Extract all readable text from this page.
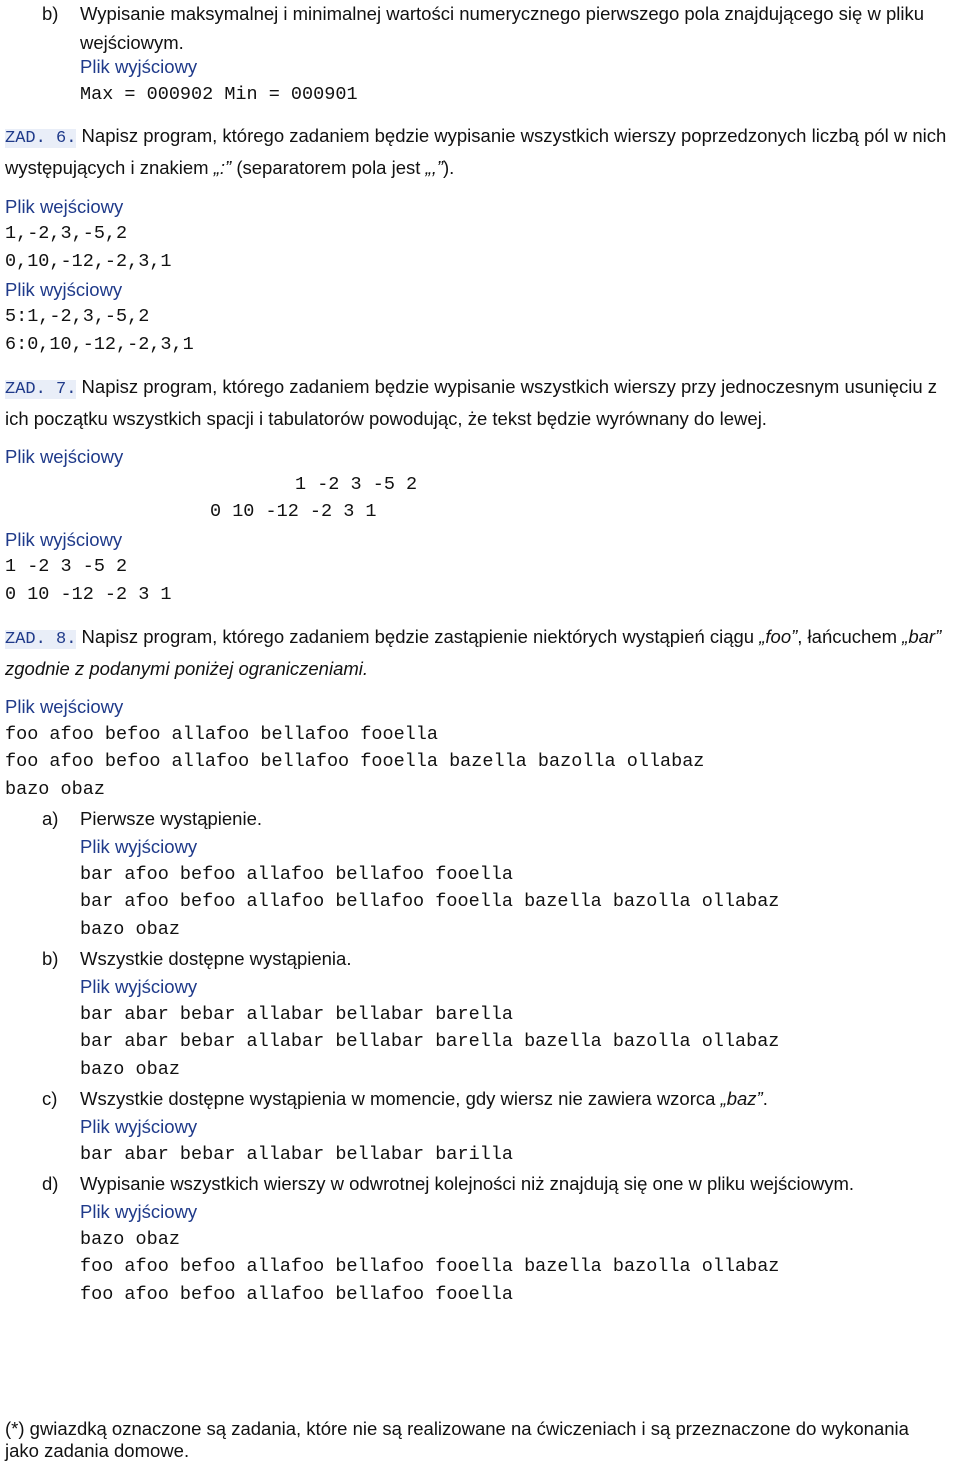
b) Wypisanie maksymalnej i minimalnej wartości numerycznego pierwszego pola znajdującego się w pliku wejściowym.
Plik wyjściowy
Max = 000902 Min = 000901
ZAD. 6. Napisz program, którego zadaniem będzie wypisanie wszystkich wierszy poprzedzonych liczbą pól w nich występujących i znakiem „:” (separatorem pola jest „,”).
Plik wejściowy
1,-2,3,-5,2
0,10,-12,-2,3,1
Plik wyjściowy
5:1,-2,3,-5,2
6:0,10,-12,-2,3,1
ZAD. 7. Napisz program, którego zadaniem będzie wypisanie wszystkich wierszy przy jednoczesnym usunięciu z ich początku wszystkich spacji i tabulatorów powodując, że tekst będzie wyrównany do lewej.
Plik wejściowy
1 -2 3 -5 2
0 10 -12 -2 3 1
Plik wyjściowy
1 -2 3 -5 2
0 10 -12 -2 3 1
ZAD. 8. Napisz program, którego zadaniem będzie zastąpienie niektórych wystąpień ciągu „foo”, łańcuchem „bar” zgodnie z podanymi poniżej ograniczeniami.
Plik wejściowy
foo afoo befoo allafoo bellafoo fooella
foo afoo befoo allafoo bellafoo fooella bazella bazolla ollabaz
bazo obaz
a) Pierwsze wystąpienie.
Plik wyjściowy
bar afoo befoo allafoo bellafoo fooella
bar afoo befoo allafoo bellafoo fooella bazella bazolla ollabaz
bazo obaz
b) Wszystkie dostępne wystąpienia.
Plik wyjściowy
bar abar bebar allabar bellabar barella
bar abar bebar allabar bellabar barella bazella bazolla ollabaz
bazo obaz
c) Wszystkie dostępne wystąpienia w momencie, gdy wiersz nie zawiera wzorca „baz”.
Plik wyjściowy
bar abar bebar allabar bellabar barilla
d) Wypisanie wszystkich wierszy w odwrotnej kolejności niż znajdują się one w pliku wejściowym.
Plik wyjściowy
bazo obaz
foo afoo befoo allafoo bellafoo fooella bazella bazolla ollabaz
foo afoo befoo allafoo bellafoo fooella
(*) gwiazdką oznaczone są zadania, które nie są realizowane na ćwiczeniach i są przeznaczone do wykonania jako zadania domowe.
